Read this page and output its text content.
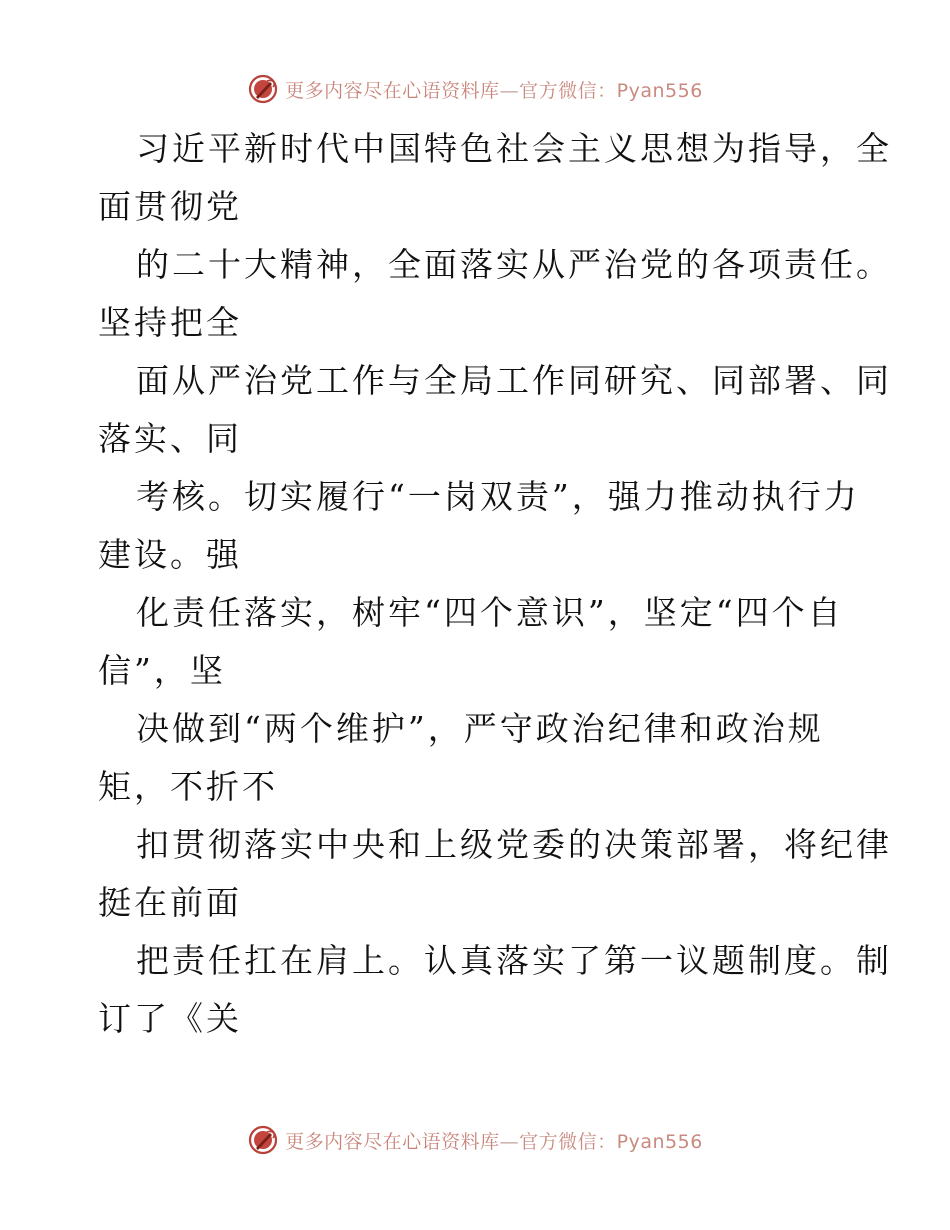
更多内容尽在心语资料库—官方微信：Pyan556
习近平新时代中国特色社会主义思想为指导，全
面贯彻党
的二十大精神，全面落实从严治党的各项责任。
坚持把全
面从严治党工作与全局工作同研究、同部署、同
落实、同
考核。切实履行“一岗双责”，强力推动执行力
建设。强
化责任落实，树牢“四个意识”，坚定“四个自
信”，坚
决做到“两个维护”，严守政治纪律和政治规
矩，不折不
扣贯彻落实中央和上级党委的决策部署，将纪律
挺在前面
把责任扛在肩上。认真落实了第一议题制度。制
订了《关
更多内容尽在心语资料库—官方微信：Pyan556
